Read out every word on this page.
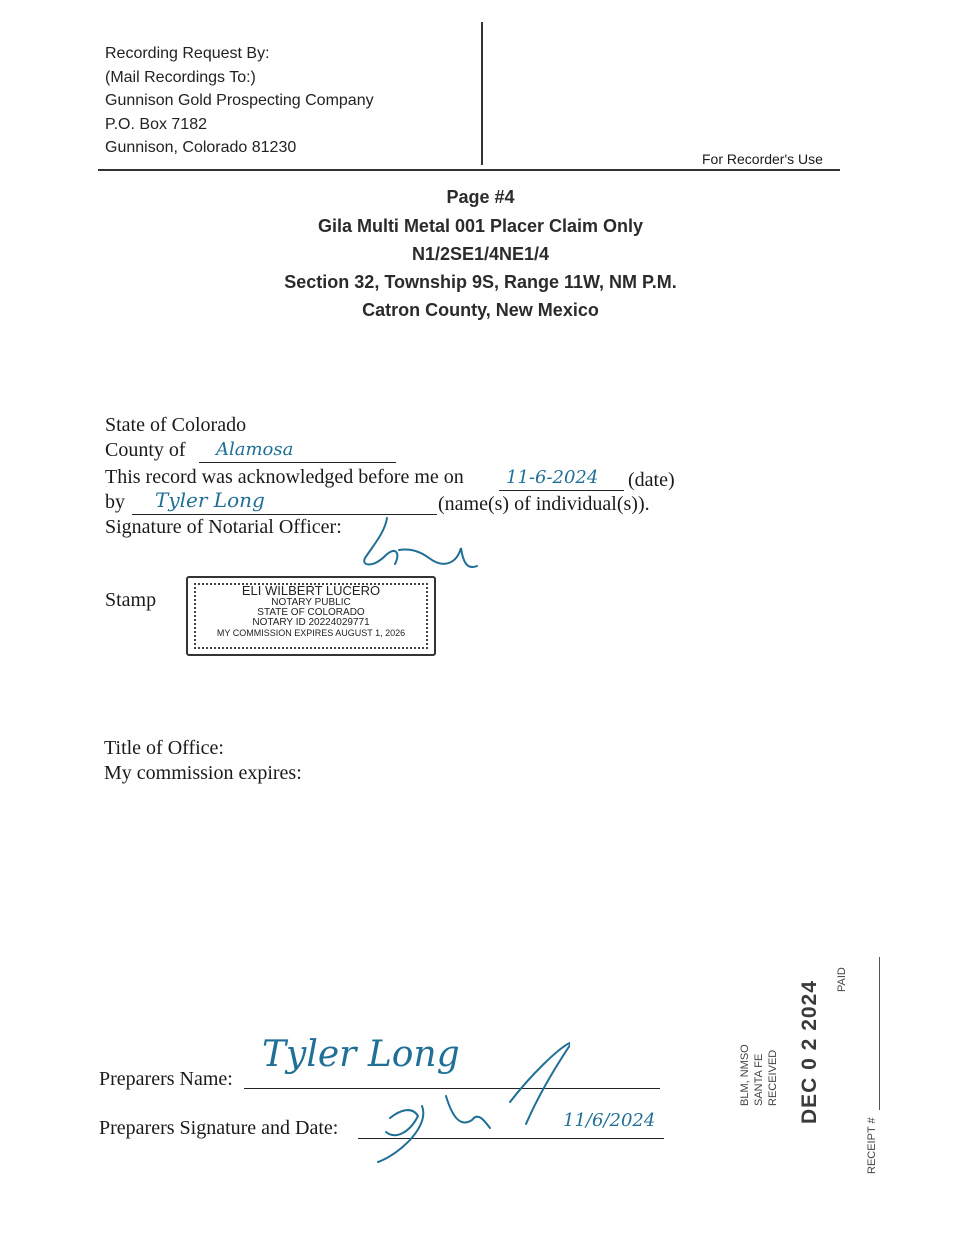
Recording Request By:
(Mail Recordings To:)
Gunnison Gold Prospecting Company
P.O. Box 7182
Gunnison, Colorado 81230
For Recorder's Use
Page #4
Gila Multi Metal 001 Placer Claim Only
N1/2SE1/4NE1/4
Section 32, Township 9S, Range 11W, NM P.M.
Catron County, New Mexico
State of Colorado
County of Alamosa
This record was acknowledged before me on 11-6-2024 (date)
by Tyler Long	(name(s) of individual(s)).
Signature of Notarial Officer:
Stamp	ELI WILBERT LUCERO
NOTARY PUBLIC
STATE OF COLORADO
NOTARY ID 20224029771
MY COMMISSION EXPIRES AUGUST 1, 2026
Title of Office:
My commission expires:
Preparers Name:
Tyler Long
Preparers Signature and Date:	11/6/2024
BLM, NMSO SANTA FE RECEIVED DEC 0 2 2024
PAID
RECEIPT #
